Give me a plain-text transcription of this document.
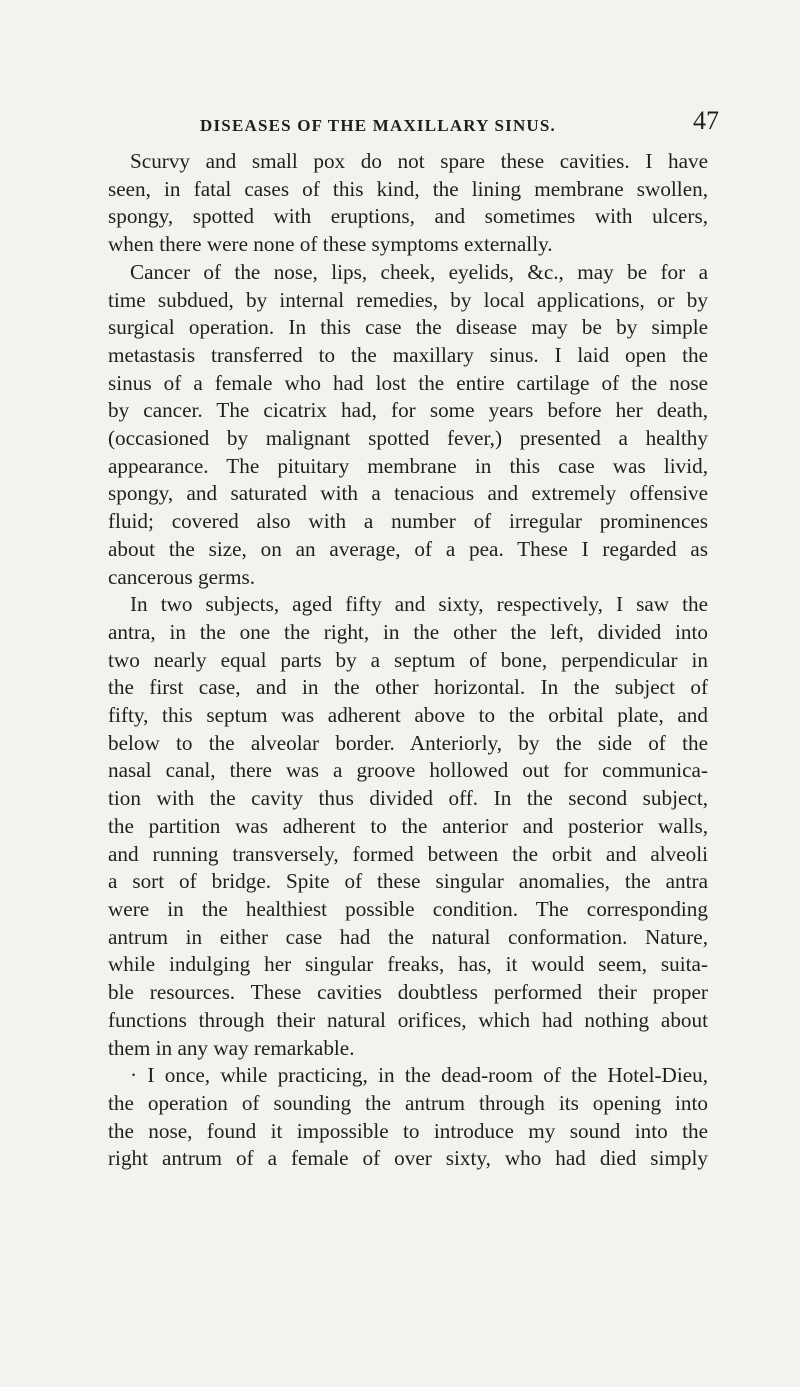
DISEASES OF THE MAXILLARY SINUS.	47

Scurvy and small pox do not spare these cavities. I have
seen, in fatal cases of this kind, the lining membrane swollen,
spongy, spotted with eruptions, and sometimes with ulcers,
when there were none of these symptoms externally.

Cancer of the nose, lips, cheek, eyelids, &c., may be for a
time subdued, by internal remedies, by local applications, or by
surgical operation. In this case the disease may be by simple
metastasis transferred to the maxillary sinus. I laid open the
sinus of a female who had lost the entire cartilage of the nose
by cancer. The cicatrix had, for some years before her death,
(occasioned by malignant spotted fever,) presented a healthy
appearance. The pituitary membrane in this case was livid,
spongy, and saturated with a tenacious and extremely offensive
fluid; covered also with a number of irregular prominences
about the size, on an average, of a pea. These I regarded as
cancerous germs.

In two subjects, aged fifty and sixty, respectively, I saw the
antra, in the one the right, in the other the left, divided into
two nearly equal parts by a septum of bone, perpendicular in
the first case, and in the other horizontal. In the subject of
fifty, this septum was adherent above to the orbital plate, and
below to the alveolar border. Anteriorly, by the side of the
nasal canal, there was a groove hollowed out for communica-
tion with the cavity thus divided off. In the second subject,
the partition was adherent to the anterior and posterior walls,
and running transversely, formed between the orbit and alveoli
a sort of bridge. Spite of these singular anomalies, the antra
were in the healthiest possible condition. The corresponding
antrum in either case had the natural conformation. Nature,
while indulging her singular freaks, has, it would seem, suita-
ble resources. These cavities doubtless performed their proper
functions through their natural orifices, which had nothing about
them in any way remarkable.

· I once, while practicing, in the dead-room of the Hotel-Dieu,
the operation of sounding the antrum through its opening into
the nose, found it impossible to introduce my sound into the
right antrum of a female of over sixty, who had died simply
